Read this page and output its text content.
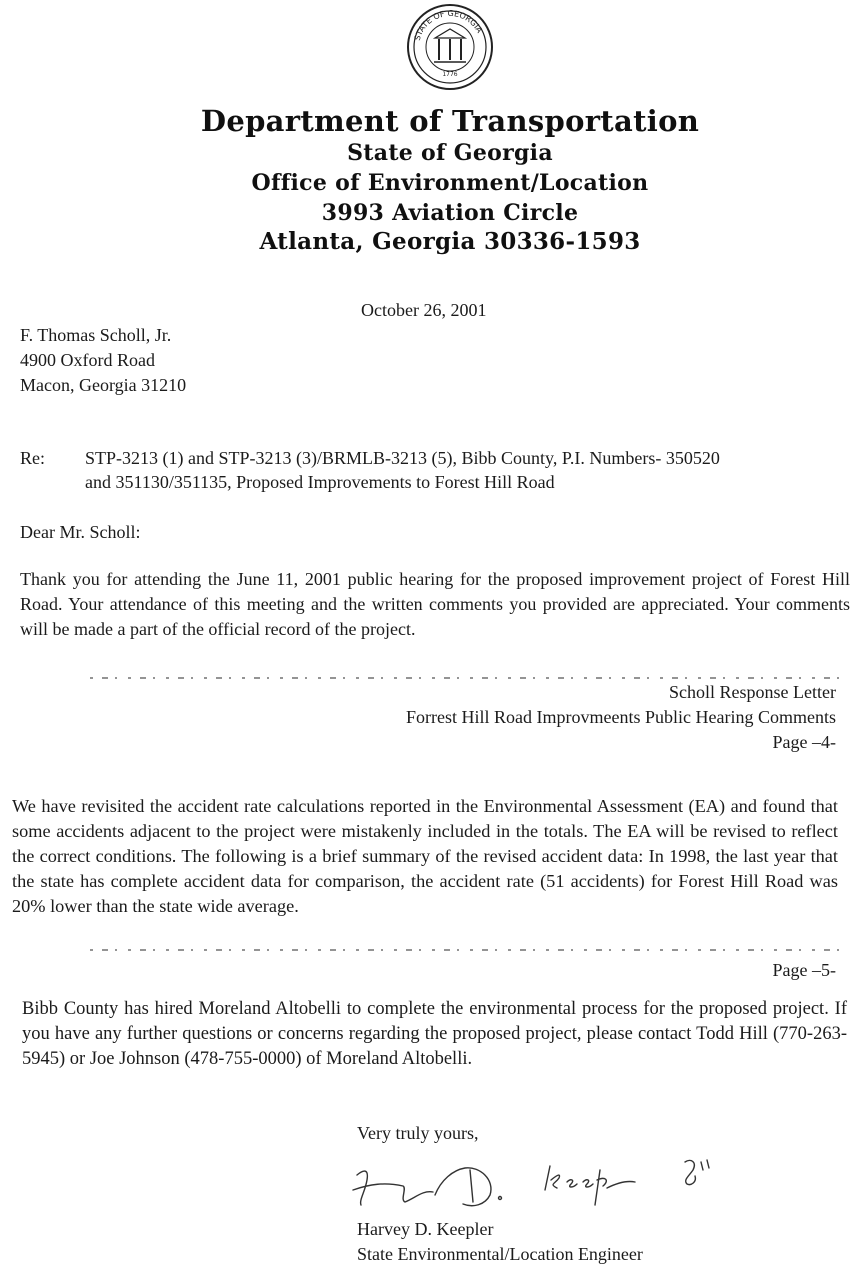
STATE OF GEORGIA
1776
Department of Transportation
State of Georgia
Office of Environment/Location
3993 Aviation Circle
Atlanta, Georgia 30336-1593
October 26, 2001
F. Thomas Scholl, Jr.
4900 Oxford Road
Macon, Georgia 31210
Re: STP-3213 (1) and STP-3213 (3)/BRMLB-3213 (5), Bibb County, P.I. Numbers- 350520
and 351130/351135, Proposed Improvements to Forest Hill Road
Dear Mr. Scholl:
Thank you for attending the June 11, 2001 public hearing for the proposed improvement project of Forest Hill Road. Your attendance of this meeting and the written comments you provided are appreciated. Your comments will be made a part of the official record of the project.
Scholl Response Letter
Forrest Hill Road Improvmeents Public Hearing Comments
Page –4-
We have revisited the accident rate calculations reported in the Environmental Assessment (EA) and found that some accidents adjacent to the project were mistakenly included in the totals. The EA will be revised to reflect the correct conditions. The following is a brief summary of the revised accident data: In 1998, the last year that the state has complete accident data for comparison, the accident rate (51 accidents) for Forest Hill Road was 20% lower than the state wide average.
Page –5-
Bibb County has hired Moreland Altobelli to complete the environmental process for the proposed project. If you have any further questions or concerns regarding the proposed project, please contact Todd Hill (770-263-5945) or Joe Johnson (478-755-0000) of Moreland Altobelli.
Very truly yours,
Harvey D. Keepler
State Environmental/Location Engineer
